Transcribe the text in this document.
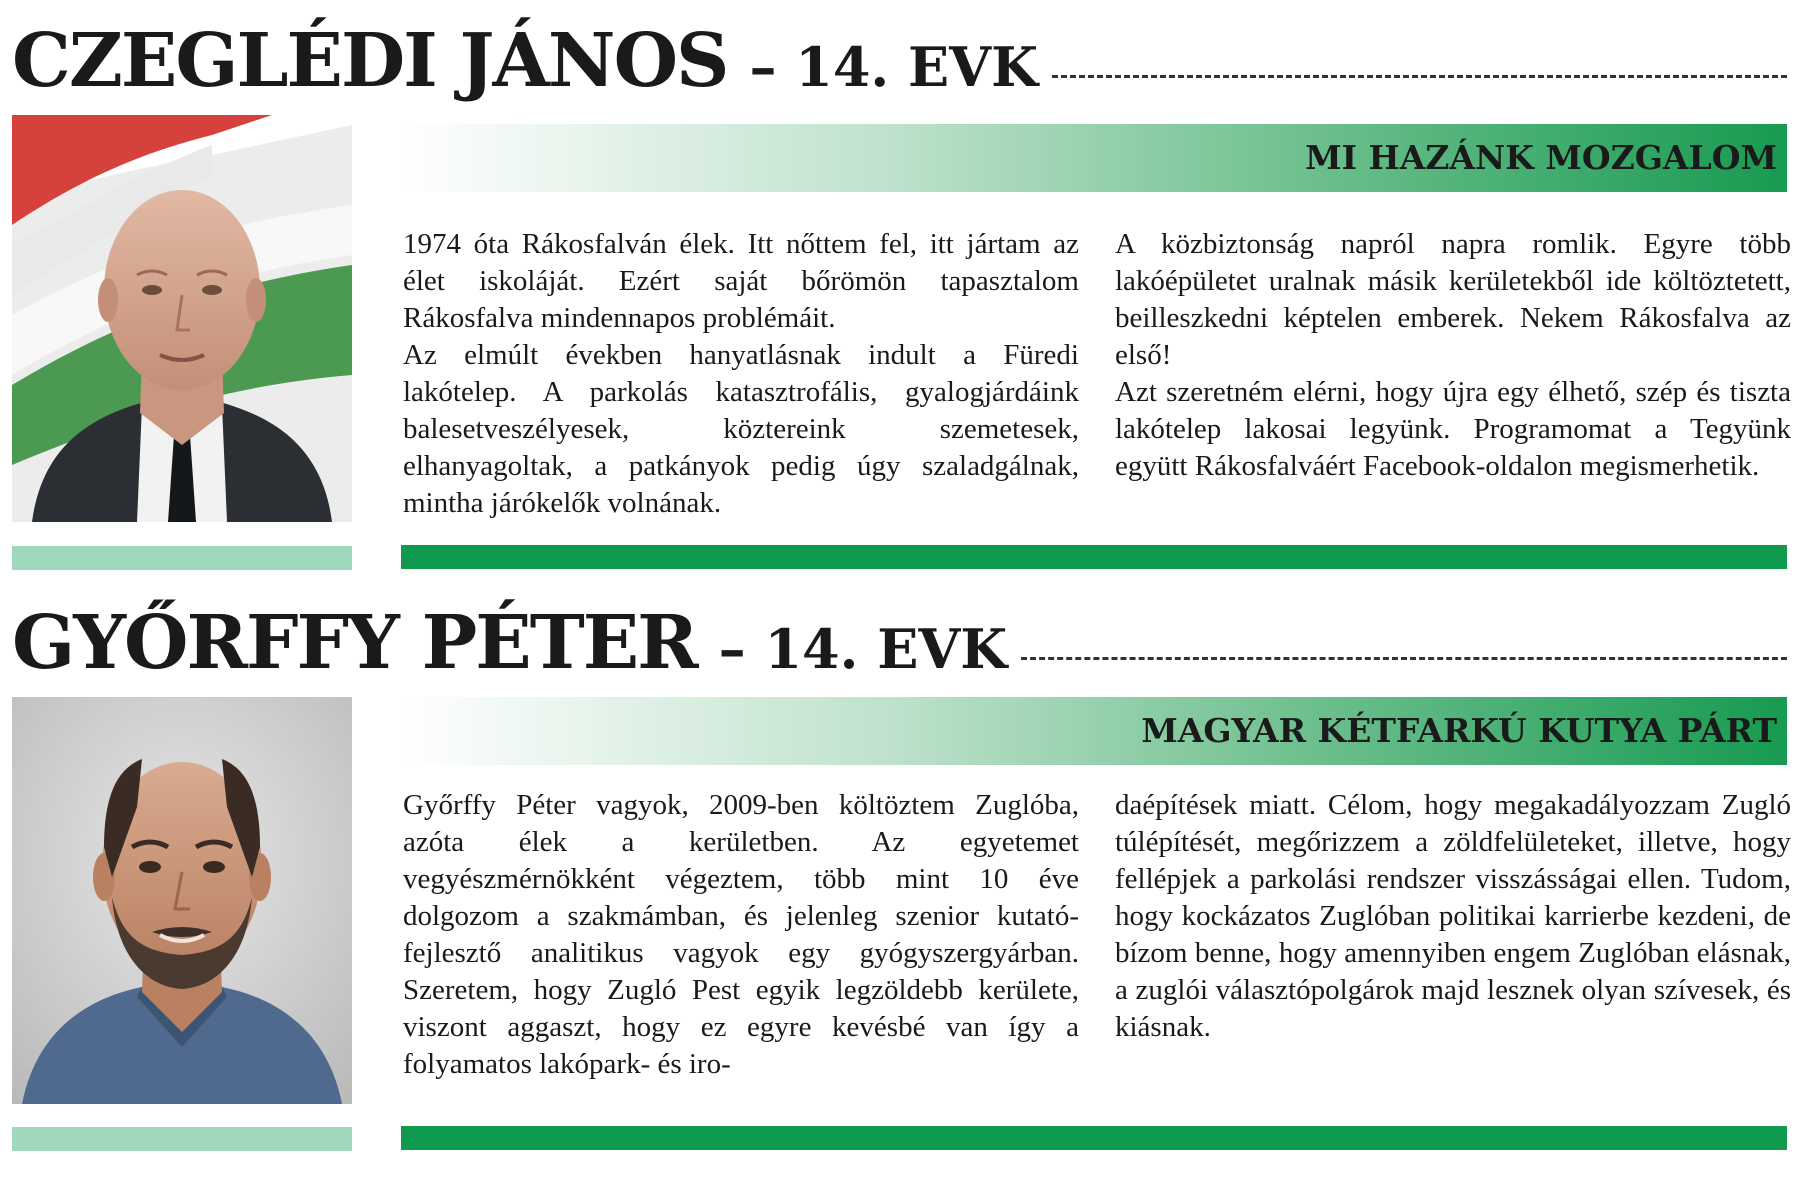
CZEGLÉDI JÁNOS – 14. EVK
MI HAZÁNK MOZGALOM

1974 óta Rákosfalván élek. Itt nőttem fel, itt jártam az élet iskoláját. Ezért saját bőrömön tapasztalom Rákosfalva mindennapos problémáit.

Az elmúlt években hanyatlásnak indult a Füredi lakótelep. A parkolás katasztrofális, gyalogjárdáink balesetveszélyesek, köztereink szemetesek, elhanyagoltak, a patkányok pedig úgy szaladgálnak, mintha járókelők volnának.

A közbiztonság napról napra romlik. Egyre több lakóépületet uralnak másik kerületekből ide költöztetett, beilleszkedni képtelen emberek. Nekem Rákosfalva az első!

Azt szeretném elérni, hogy újra egy élhető, szép és tiszta lakótelep lakosai legyünk. Programomat a Tegyünk együtt Rákosfalváért Facebook-oldalon megismerhetik.

GYŐRFFY PÉTER – 14. EVK
MAGYAR KÉTFARKÚ KUTYA PÁRT

Győrffy Péter vagyok, 2009-ben költöztem Zuglóba, azóta élek a kerületben. Az egyetemet vegyészmérnökként végeztem, több mint 10 éve dolgozom a szakmámban, és jelenleg szenior kutató-fejlesztő analitikus vagyok egy gyógyszergyárban. Szeretem, hogy Zugló Pest egyik legzöldebb kerülete, viszont aggaszt, hogy ez egyre kevésbé van így a folyamatos lakópark- és iro-

daépítések miatt. Célom, hogy megakadályozzam Zugló túlépítését, megőrizzem a zöldfelületeket, illetve, hogy fellépjek a parkolási rendszer visszásságai ellen. Tudom, hogy kockázatos Zuglóban politikai karrierbe kezdeni, de bízom benne, hogy amennyiben engem Zuglóban elásnak, a zuglói választópolgárok majd lesznek olyan szívesek, és kiásnak.
